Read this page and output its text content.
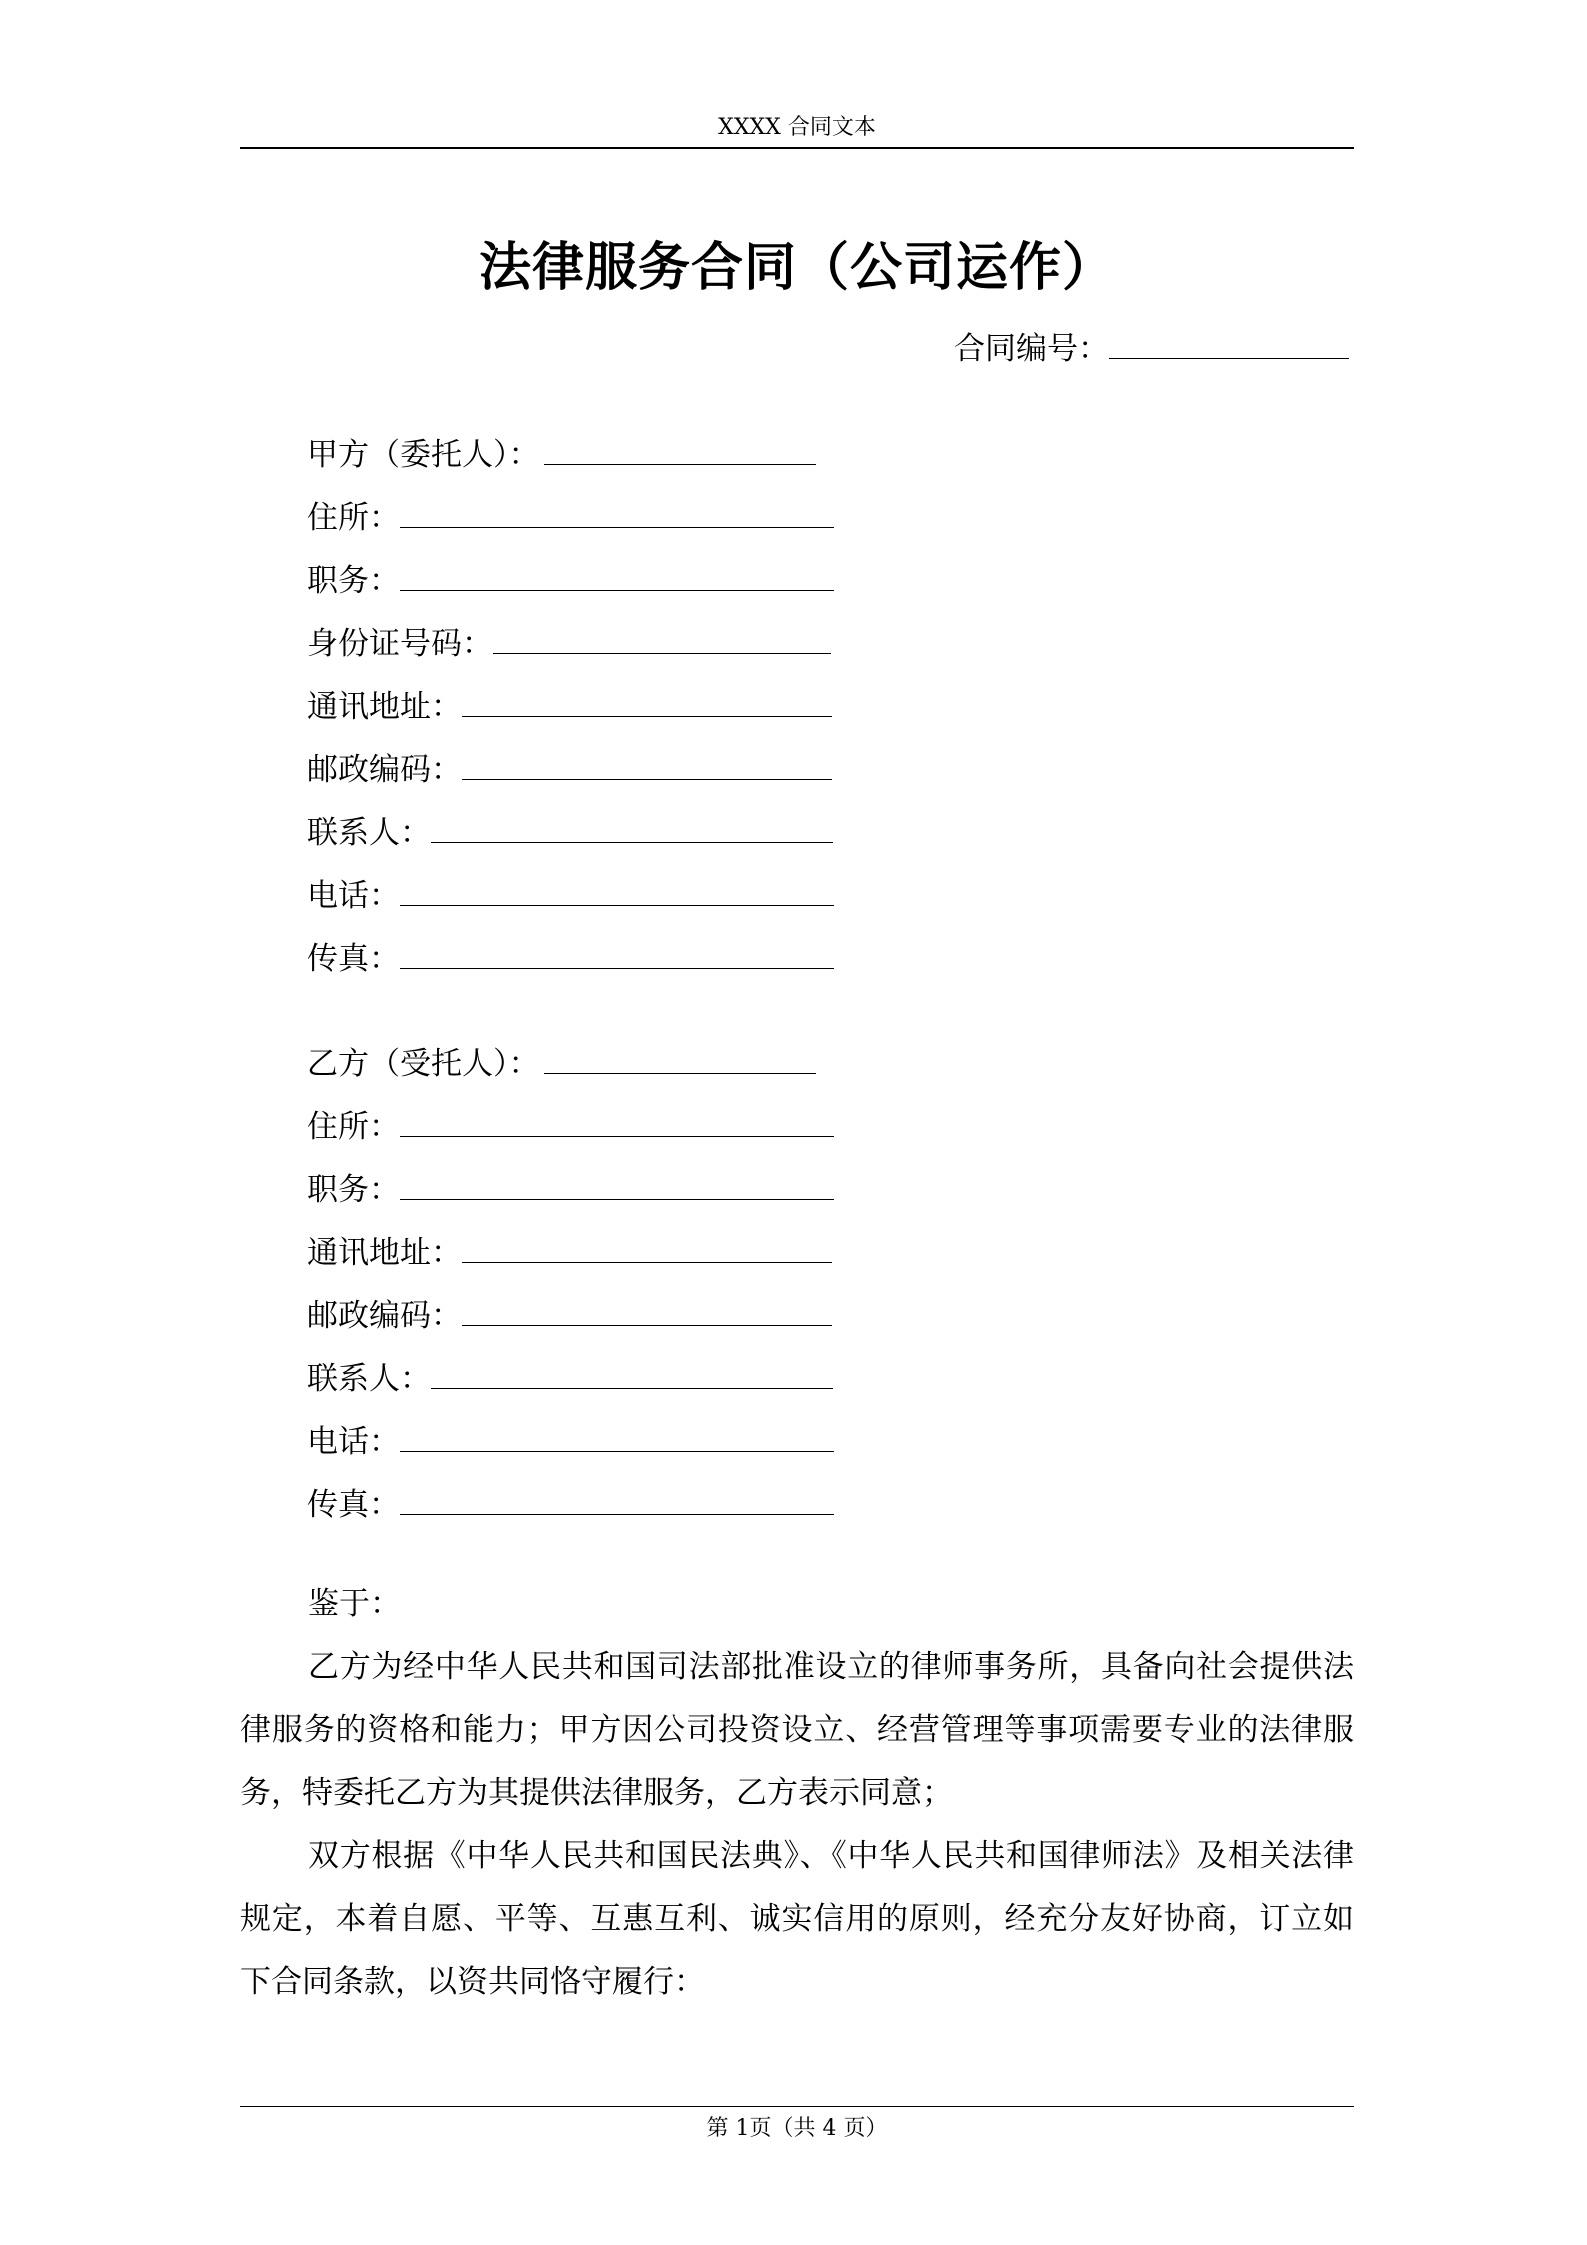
XXXX 合同文本
法律服务合同（公司运作）
合同编号：
甲方（委托人）：
住所：
职务：
身份证号码：
通讯地址：
邮政编码：
联系人：
电话：
传真：
乙方（受托人）：
住所：
职务：
通讯地址：
邮政编码：
联系人：
电话：
传真：

鉴于：

乙方为经中华人民共和国司法部批准设立的律师事务所，具备向社会提供法律服务的资格和能力；甲方因公司投资设立、经营管理等事项需要专业的法律服务，特委托乙方为其提供法律服务，乙方表示同意；

双方根据《中华人民共和国民法典》、《中华人民共和国律师法》及相关法律规定，本着自愿、平等、互惠互利、诚实信用的原则，经充分友好协商，订立如下合同条款，以资共同恪守履行：

第 1页（共 4 页）
